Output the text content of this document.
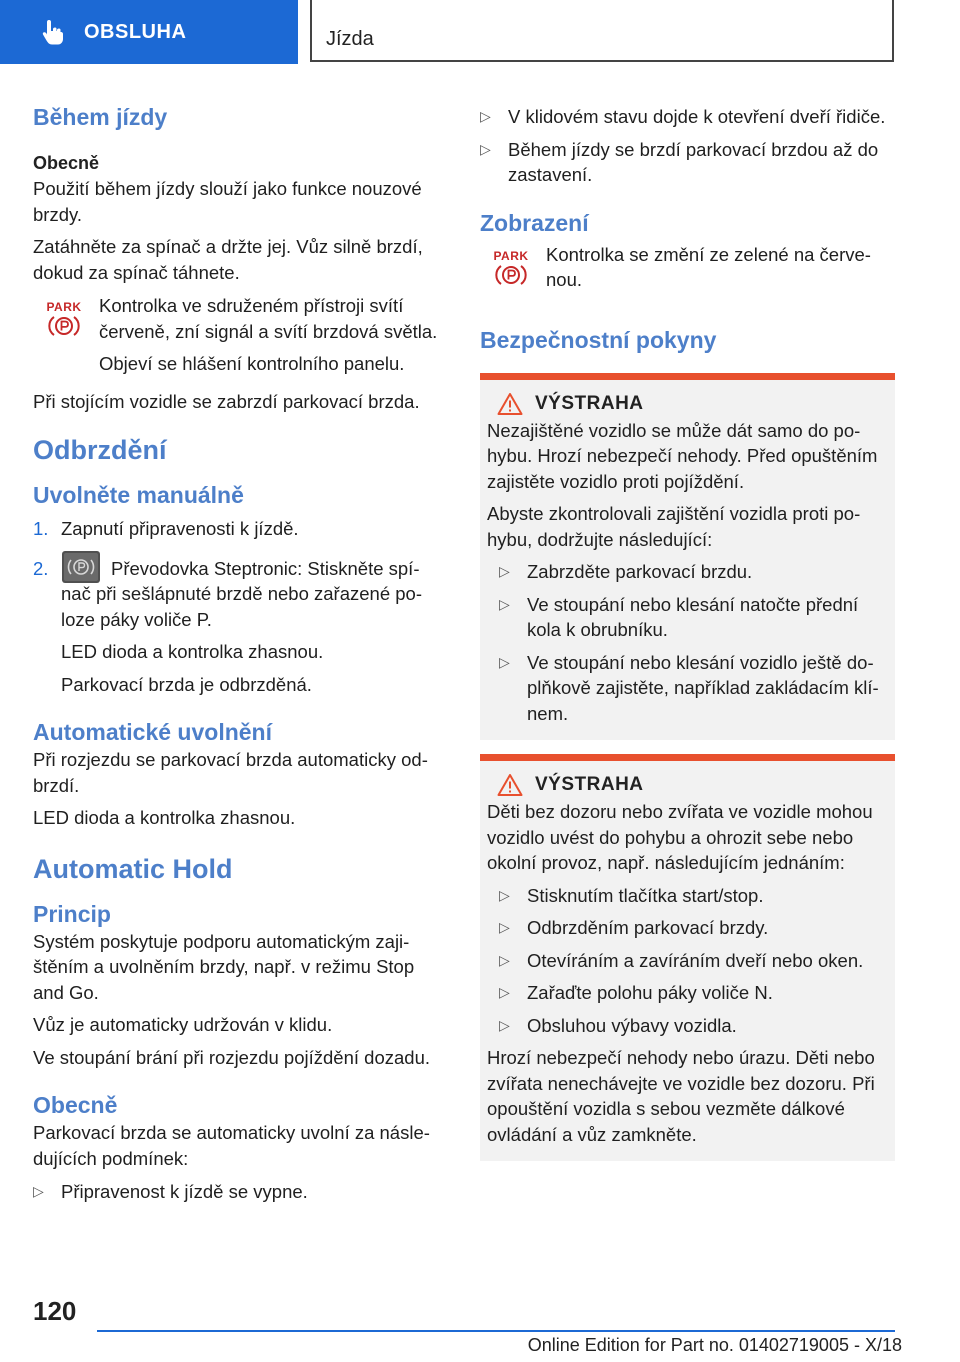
OBSLUHA	Jízda
Během jízdy
Obecně

Použití během jízdy slouží jako funkce nouzové brzdy.

Zatáhněte za spínač a držte jej. Vůz silně brzdí, dokud za spínač táhnete.

PARK Kontrolka ve sdruženém přístroji svítí červeně, zní signál a svítí brzdová světla.

Objeví se hlášení kontrolního panelu.

Při stojícím vozidle se zabrzdí parkovací brzda.

Odbrzdění
Uvolněte manuálně
1. Zapnutí připravenosti k jízdě.

2.	Převodovka Steptronic: Stiskněte spínač při sešlápnuté brzdě nebo zařazené poloze páky voliče P.

LED dioda a kontrolka zhasnou.

Parkovací brzda je odbrzděná.

Automatické uvolnění

Při rozjezdu se parkovací brzda automaticky odbrzdí.

LED dioda a kontrolka zhasnou.

Automatic Hold
Princip

Systém poskytuje podporu automatickým zajištěním a uvolněním brzdy, např. v režimu Stop and Go.

Vůz je automaticky udržován v klidu.

Ve stoupání brání při rozjezdu pojíždění dozadu.

Obecně

Parkovací brzda se automaticky uvolní za následujících podmínek:

▷ Připravenost k jízdě se vypne.

▷ V klidovém stavu dojde k otevření dveří řidiče.

▷ Během jízdy se brzdí parkovací brzdou až do zastavení.

Zobrazení
PARK Kontrolka se změní ze zelené na červenou.

Bezpečnostní pokyny
VÝSTRAHA

Nezajištěné vozidlo se může dát samo do pohybu. Hrozí nebezpečí nehody. Před opuštěním zajistěte vozidlo proti pojíždění.

Abyste zkontrolovali zajištění vozidla proti pohybu, dodržujte následující:

▷ Zabrzděte parkovací brzdu.

▷ Ve stoupání nebo klesání natočte přední kola k obrubníku.

▷ Ve stoupání nebo klesání vozidlo ještě doplňkově zajistěte, například zakládacím klínem.

VÝSTRAHA

Děti bez dozoru nebo zvířata ve vozidle mohou vozidlo uvést do pohybu a ohrozit sebe nebo okolní provoz, např. následujícím jednáním:

▷ Stisknutím tlačítka start/stop.

▷ Odbrzděním parkovací brzdy.

▷ Otevíráním a zavíráním dveří nebo oken.

▷ Zařaďte polohu páky voliče N.

▷ Obsluhou výbavy vozidla.

Hrozí nebezpečí nehody nebo úrazu. Děti nebo zvířata nenechávejte ve vozidle bez dozoru. Při opouštění vozidla s sebou vezměte dálkové ovládání a vůz zamkněte.

120
Online Edition for Part no. 01402719005 - X/18
